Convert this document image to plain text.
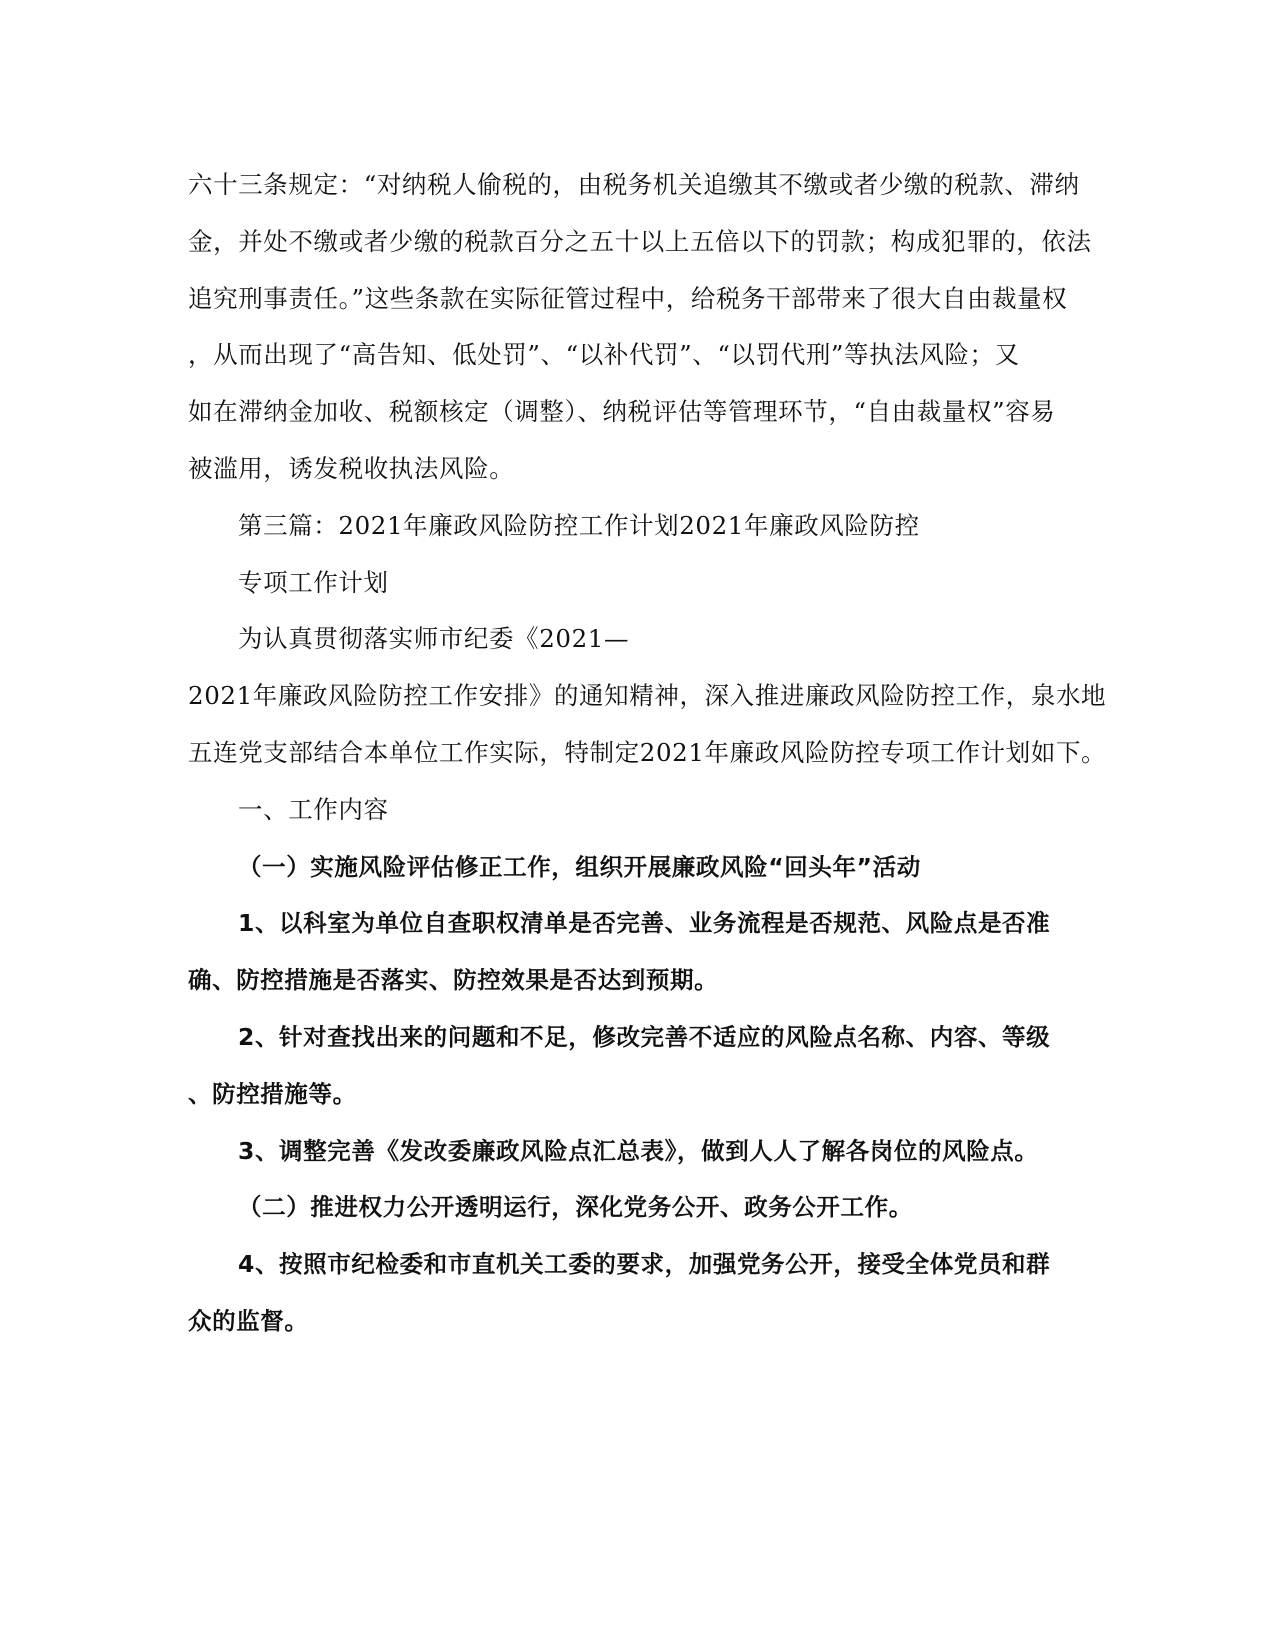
六十三条规定：“对纳税人偷税的，由税务机关追缴其不缴或者少缴的税款、滞纳
金，并处不缴或者少缴的税款百分之五十以上五倍以下的罚款；构成犯罪的，依法
追究刑事责任。”这些条款在实际征管过程中，给税务干部带来了很大自由裁量权
，从而出现了“高告知、低处罚”、“以补代罚”、“以罚代刑”等执法风险；又
如在滞纳金加收、税额核定（调整）、纳税评估等管理环节，“自由裁量权”容易
被滥用，诱发税收执法风险。
第三篇：2021年廉政风险防控工作计划2021年廉政风险防控
专项工作计划
为认真贯彻落实师市纪委《2021—
2021年廉政风险防控工作安排》的通知精神，深入推进廉政风险防控工作，泉水地
五连党支部结合本单位工作实际，特制定2021年廉政风险防控专项工作计划如下。
一、工作内容
（一）实施风险评估修正工作，组织开展廉政风险“回头年”活动
1、以科室为单位自查职权清单是否完善、业务流程是否规范、风险点是否准
确、防控措施是否落实、防控效果是否达到预期。
2、针对查找出来的问题和不足，修改完善不适应的风险点名称、内容、等级
、防控措施等。
3、调整完善《发改委廉政风险点汇总表》，做到人人了解各岗位的风险点。
（二）推进权力公开透明运行，深化党务公开、政务公开工作。
4、按照市纪检委和市直机关工委的要求，加强党务公开，接受全体党员和群
众的监督。
